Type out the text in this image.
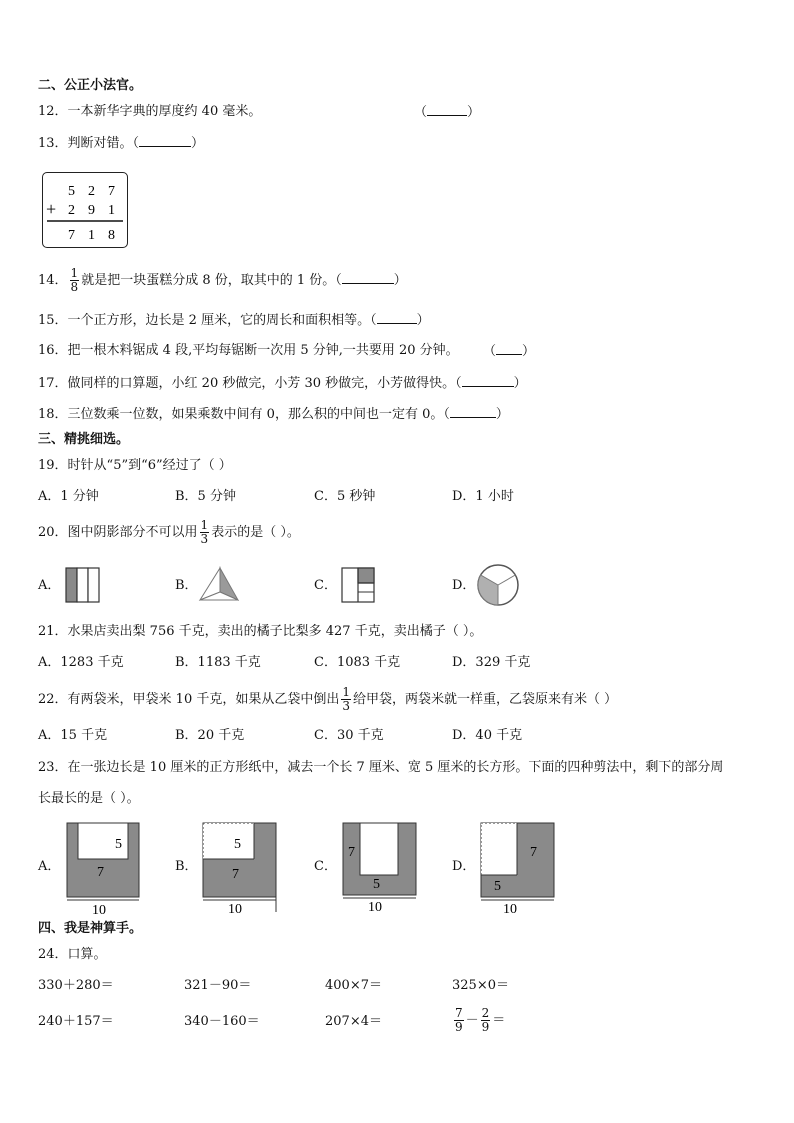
二、公正小法官。
12．一本新华字典的厚度约 40 毫米。	（	）
13．判断对错。（	）
5 2 7
+ 2 9 1
7 1 8
14． $\frac{1}{8}$ 就是把一块蛋糕分成 8 份，取其中的 1 份。（	）
15．一个正方形，边长是 2 厘米，它的周长和面积相等。（	）
16．把一根木料锯成 4 段,平均每锯断一次用 5 分钟,一共要用 20 分钟。 （ ）
17．做同样的口算题，小红 20 秒做完，小芳 30 秒做完，小芳做得快。（	）
18．三位数乘一位数，如果乘数中间有 0，那么积的中间也一定有 0。（	）
三、精挑细选。
19．时针从“5”到“6”经过了（ ）
A．1 分钟	B．5 分钟	C．5 秒钟	D．1 小时
20．图中阴影部分不可以用 $\frac{1}{3}$ 表示的是（ ）。
A．	B．	C．	D．
21．水果店卖出梨 756 千克，卖出的橘子比梨多 427 千克，卖出橘子（ ）。
A．1283 千克	B．1183 千克	C．1083 千克	D．329 千克
22．有两袋米，甲袋米 10 千克，如果从乙袋中倒出 $\frac{1}{3}$ 给甲袋，两袋米就一样重，乙袋原来有米（ ）
A．15 千克	B．20 千克	C．30 千克	D．40 千克
23．在一张边长是 10 厘米的正方形纸中，减去一个长 7 厘米、宽 5 厘米的长方形。下面的四种剪法中，剩下的部分周
长最长的是（ ）。
A．
5
7
10
B．
5
7
10
C．
7
5
10
D．
7
5
10
四、我是神算手。
24．口算。
330＋280＝	321－90＝	400×7＝	325×0＝
240＋157＝	340－160＝	207×4＝	$\frac{7}{9} - \frac{2}{9}$ ＝
